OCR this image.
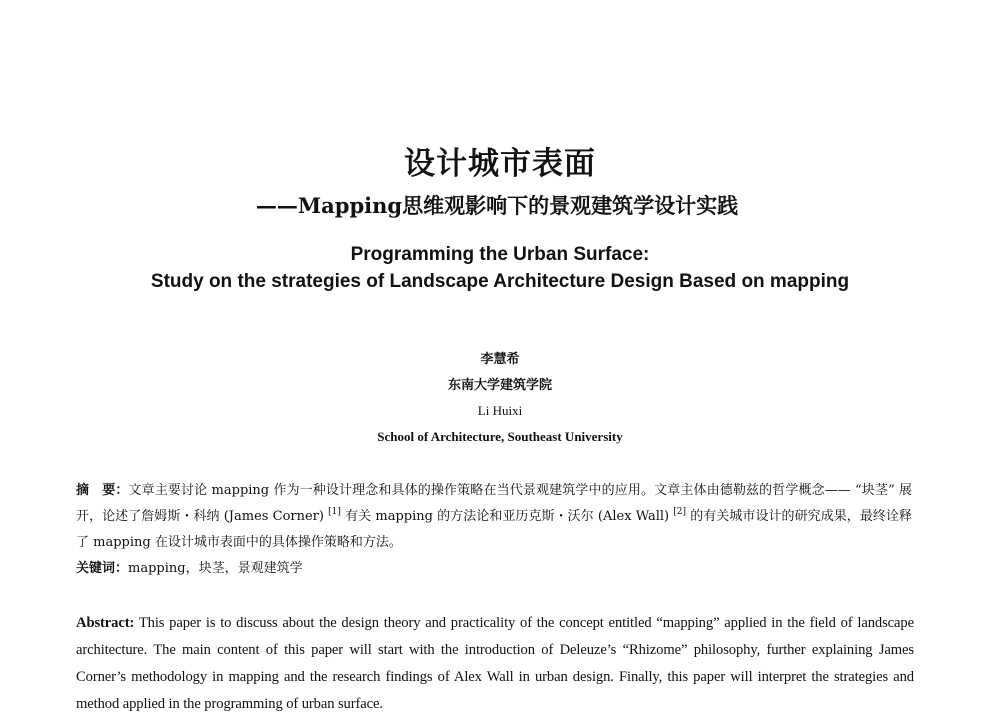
设计城市表面
——Mapping思维观影响下的景观建筑学设计实践
Programming the Urban Surface:
Study on the strategies of Landscape Architecture Design Based on mapping
李慧希
东南大学建筑学院
Li Huixi
School of Architecture, Southeast University

摘　要：文章主要讨论 mapping 作为一种设计理念和具体的操作策略在当代景观建筑学中的应用。文章主体由德勒兹的哲学概念—— “块茎” 展开，论述了詹姆斯・科纳 (James Corner) [1] 有关 mapping 的方法论和亚历克斯・沃尔 (Alex Wall) [2] 的有关城市设计的研究成果，最终诠释了 mapping 在设计城市表面中的具体操作策略和方法。

关键词：mapping，块茎，景观建筑学

Abstract: This paper is to discuss about the design theory and practicality of the concept entitled “mapping” applied in the field of landscape architecture. The main content of this paper will start with the introduction of Deleuze’s “Rhizome” philosophy, further explaining James Corner’s methodology in mapping and the research findings of Alex Wall in urban design. Finally, this paper will interpret the strategies and method applied in the programming of urban surface.
